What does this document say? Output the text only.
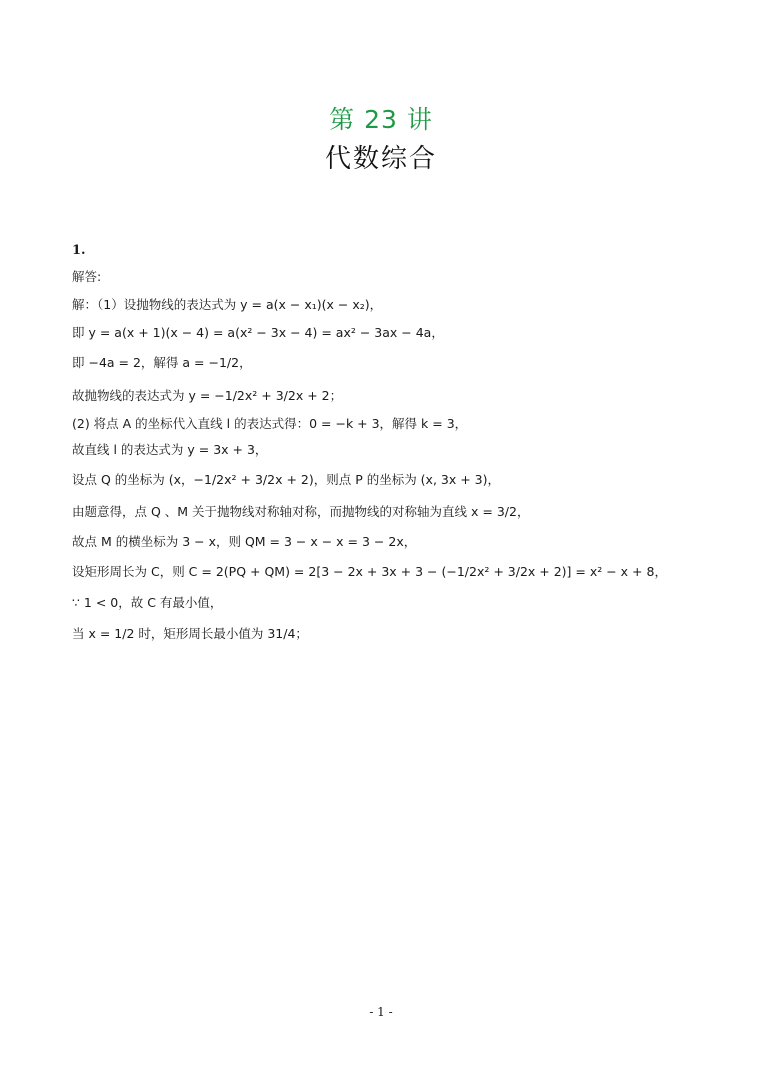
第 23 讲
代数综合
1.
解答:
解：（1）设抛物线的表达式为 y = a(x − x₁)(x − x₂)，
即 y = a(x + 1)(x − 4) = a(x² − 3x − 4) = ax² − 3ax − 4a，
即 −4a = 2，解得 a = −1/2，
故抛物线的表达式为 y = −1/2x² + 3/2x + 2；
(2) 将点 A 的坐标代入直线 l 的表达式得：0 = −k + 3，解得 k = 3，
故直线 l 的表达式为 y = 3x + 3，
设点 Q 的坐标为 (x，−1/2x² + 3/2x + 2)，则点 P 的坐标为 (x, 3x + 3)，
由题意得，点 Q 、M 关于抛物线对称轴对称，而抛物线的对称轴为直线 x = 3/2，
故点 M 的横坐标为 3 − x，则 QM = 3 − x − x = 3 − 2x，
设矩形周长为 C，则 C = 2(PQ + QM) = 2[3 − 2x + 3x + 3 − (−1/2x² + 3/2x + 2)] = x² − x + 8，
∵ 1 < 0，故 C 有最小值，
当 x = 1/2 时，矩形周长最小值为 31/4；
- 1 -
